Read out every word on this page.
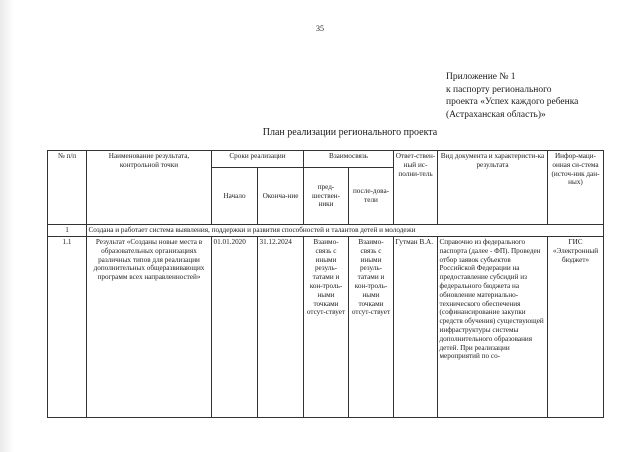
35
Приложение № 1
к паспорту регионального
проекта «Успех каждого ребенка
(Астраханская область)»
План реализации регионального проекта
№ п/п	Наименование результата, контрольной точки	Сроки реализации		Взаимосвязь		Ответ-ствен-ный ис-полни-тель	Вид документа и характеристи-ка результата	Инфор-маци-онная си-стема (источ-ник дан-ных)
		Начало	Оконча-ние	пред-шествен-ники	после-дова-тели			
1	Создана и работает система выявления, поддержки и развития способностей и талантов детей и молодежи							
1.1	Результат «Созданы новые места в образовательных организациях различных типов для реализации дополнительных общеразвивающих программ всех направленностей»	01.01.2020	31.12.2024	Взаимо-связь с иными резуль-татами и кон-троль-ными точками отсут-ствует	Взаимо-связь с иными резуль-татами и кон-троль-ными точками отсут-ствует	Гутман В.А.	Справочно из федерального паспорта (далее - ФП). Проведен отбор заявок субъектов Российской Федерации на предоставление субсидий из федерального бюджета на обновление материально-технического обеспечения (софинансирование закупки средств обучения) существующей инфраструктуры системы дополнительного образования детей. При реализации мероприятий по со-	ГИС «Электронный бюджет»
